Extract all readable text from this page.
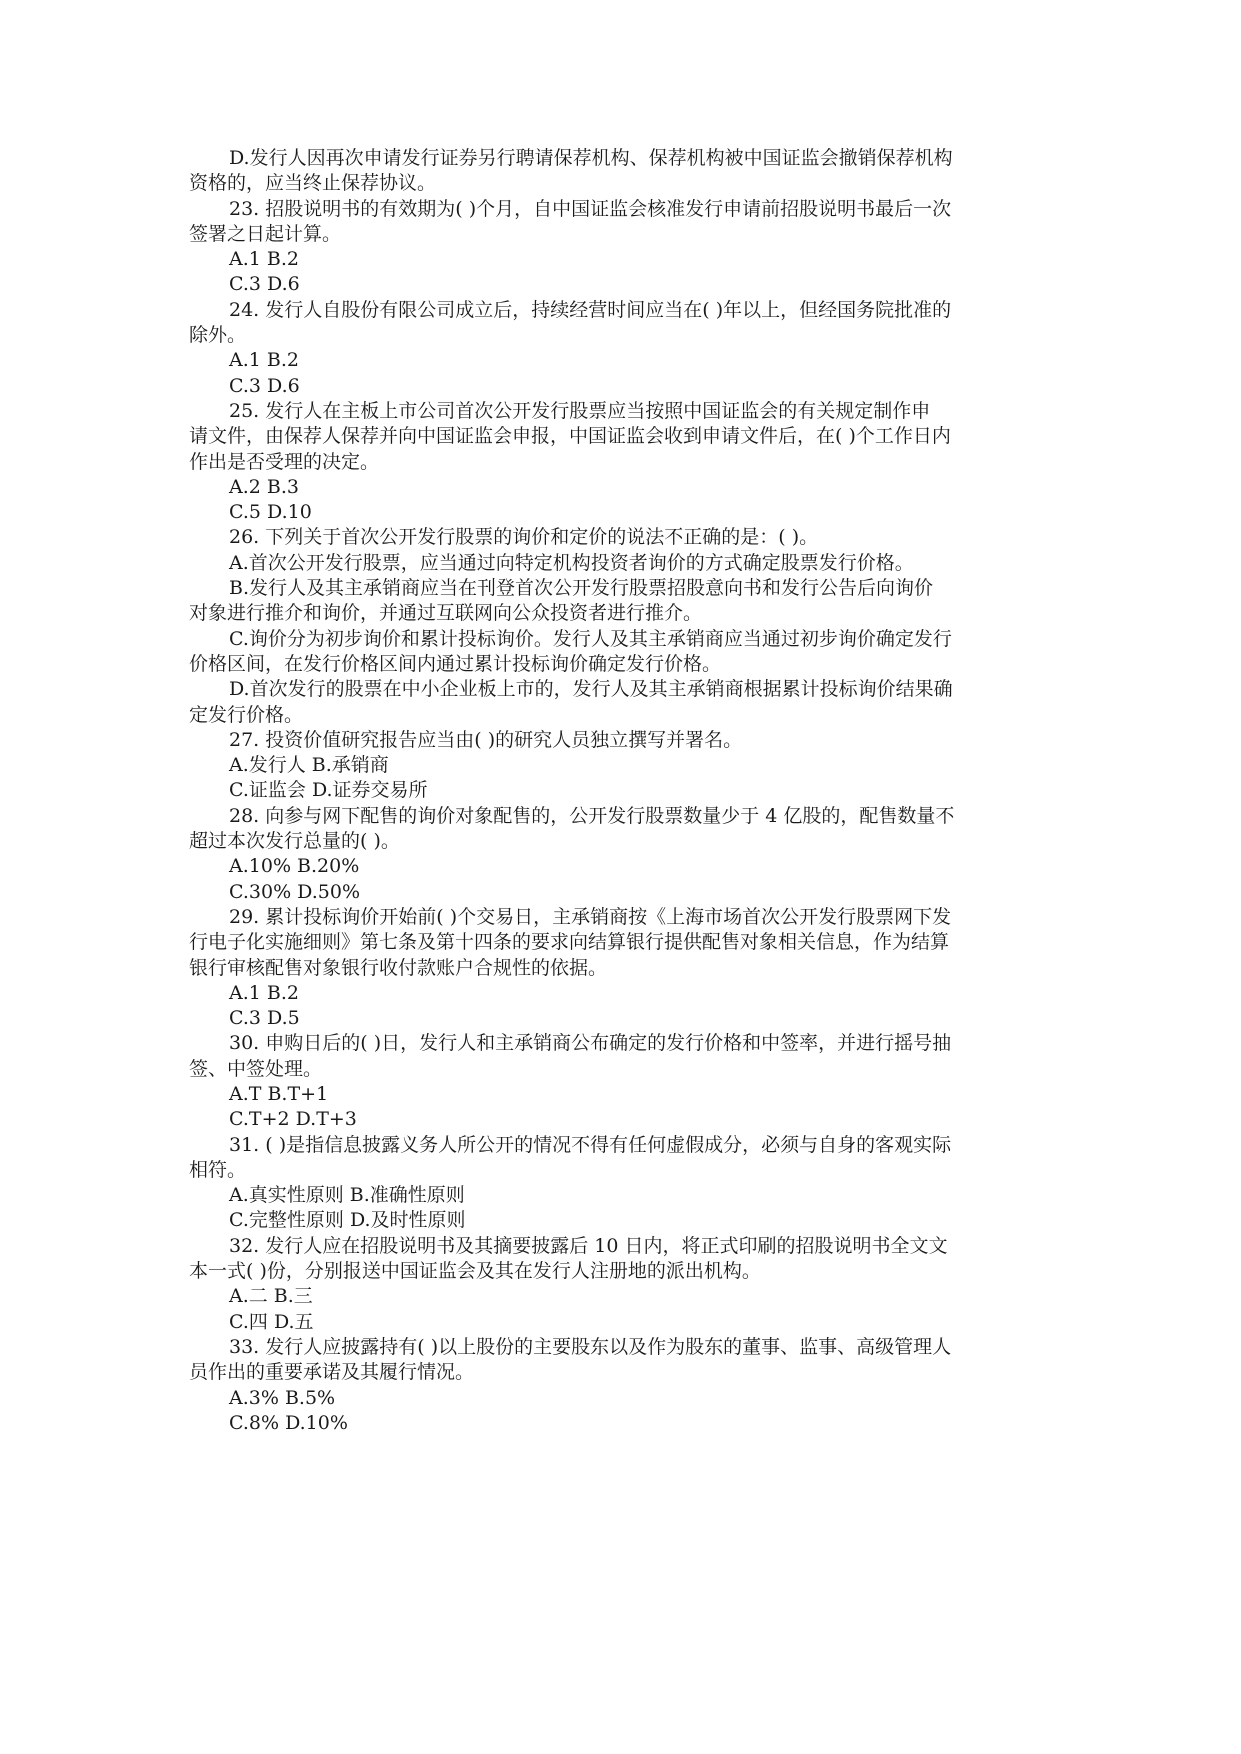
D.发行人因再次申请发行证券另行聘请保荐机构、保荐机构被中国证监会撤销保荐机构
资格的，应当终止保荐协议。
23. 招股说明书的有效期为( )个月，自中国证监会核准发行申请前招股说明书最后一次
签署之日起计算。
A.1 B.2
C.3 D.6
24. 发行人自股份有限公司成立后，持续经营时间应当在( )年以上，但经国务院批准的
除外。
A.1 B.2
C.3 D.6
25. 发行人在主板上市公司首次公开发行股票应当按照中国证监会的有关规定制作申
请文件，由保荐人保荐并向中国证监会申报，中国证监会收到申请文件后，在( )个工作日内
作出是否受理的决定。
A.2 B.3
C.5 D.10
26. 下列关于首次公开发行股票的询价和定价的说法不正确的是：( )。
A.首次公开发行股票，应当通过向特定机构投资者询价的方式确定股票发行价格。
B.发行人及其主承销商应当在刊登首次公开发行股票招股意向书和发行公告后向询价
对象进行推介和询价，并通过互联网向公众投资者进行推介。
C.询价分为初步询价和累计投标询价。发行人及其主承销商应当通过初步询价确定发行
价格区间，在发行价格区间内通过累计投标询价确定发行价格。
D.首次发行的股票在中小企业板上市的，发行人及其主承销商根据累计投标询价结果确
定发行价格。
27. 投资价值研究报告应当由( )的研究人员独立撰写并署名。
A.发行人 B.承销商
C.证监会 D.证券交易所
28. 向参与网下配售的询价对象配售的，公开发行股票数量少于 4 亿股的，配售数量不
超过本次发行总量的( )。
A.10% B.20%
C.30% D.50%
29. 累计投标询价开始前( )个交易日，主承销商按《上海市场首次公开发行股票网下发
行电子化实施细则》第七条及第十四条的要求向结算银行提供配售对象相关信息，作为结算
银行审核配售对象银行收付款账户合规性的依据。
A.1 B.2
C.3 D.5
30. 申购日后的( )日，发行人和主承销商公布确定的发行价格和中签率，并进行摇号抽
签、中签处理。
A.T B.T+1
C.T+2 D.T+3
31. ( )是指信息披露义务人所公开的情况不得有任何虚假成分，必须与自身的客观实际
相符。
A.真实性原则 B.准确性原则
C.完整性原则 D.及时性原则
32. 发行人应在招股说明书及其摘要披露后 10 日内，将正式印刷的招股说明书全文文
本一式( )份，分别报送中国证监会及其在发行人注册地的派出机构。
A.二 B.三
C.四 D.五
33. 发行人应披露持有( )以上股份的主要股东以及作为股东的董事、监事、高级管理人
员作出的重要承诺及其履行情况。
A.3% B.5%
C.8% D.10%
